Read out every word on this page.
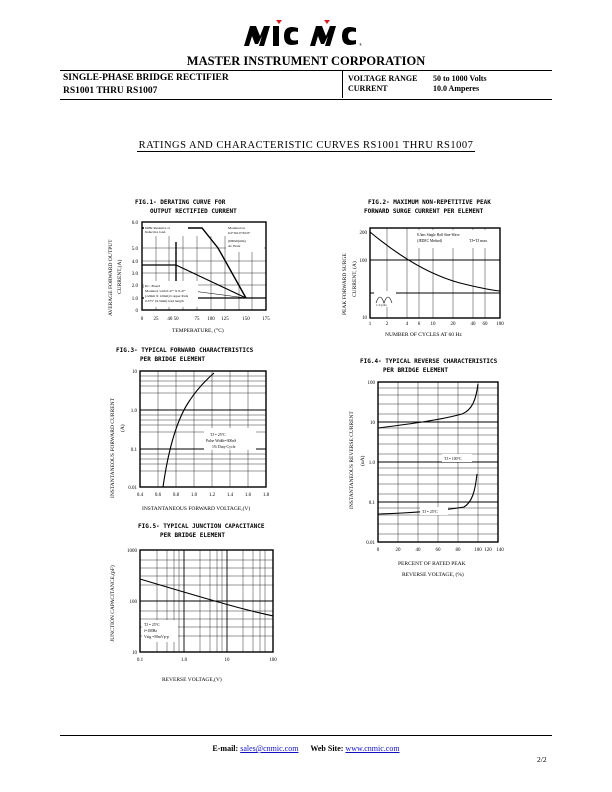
®
MASTER INSTRUMENT CORPORATION
SINGLE-PHASE BRIDGE RECTIFIER
RS1001 THRU RS1007
VOLTAGE RANGE 50 to 1000 Volts
CURRENT	10.0 Amperes
RATINGS AND CHARACTERISTIC CURVES RS1001 THRU RS1007
FIG.1- DERATING CURVE FOR
OUTPUT RECTIFIED CURRENT
0
1.0
2.0
3.0
4.0
5.0
6.0
0 25 40 50	75 100 125	150	175
TEMPERATURE, (°C)
AVERAGE FORWARD OUTPUT CURRENT,(A)
60Hz Resistive or
Inductive load.
Mounted on
6.0"X6.0"X0.8"
(600x6)mm)
Al. Plate
P.C. Board
Mounted, with 0.47" X 0.47"
(12mm X 12mm) Copper Pads
0.375" (9.5mm) lead length
FIG.2- MAXIMUM NON-REPETITIVE PEAK
FORWARD SURGE CURRENT PER ELEMENT
8.3ms Single Half Sine-Wave
(JEDEC Method)	TJ=TJ max
1 Cycle
10
100
200
1	2	4 6 10	20	40 60 100
NUMBER OF CYCLES AT 60 Hz
PEAK FORWARD SURGE CURRENT, (A)
FIG.3- TYPICAL FORWARD CHARACTERISTICS
PER BRIDGE ELEMENT
TJ = 25°C
Pulse Width=300uS
1% Duty Cycle
0.01
0.1
1.0
10
0.4 0.6 0.8 1.0 1.2 1.4 1.6 1.8
INSTANTANEOUS FORWARD VOLTAGE,(V)
INSTANTANEOUS FORWARD CURRENT (A)
FIG.4- TYPICAL REVERSE CHARACTERISTICS
PER BRIDGE ELEMENT
TJ = 100°C
TJ = 25°C
0.01
0.1
1.0
10
100
0	20	40	60	80	100 120 140
PERCENT OF RATED PEAK
REVERSE VOLTAGE, (%)
INSTANTANEOUS REVERSE CURRENT (uA)
FIG.5- TYPICAL JUNCTION CAPACITANCE
PER BRIDGE ELEMENT
TJ = 25°C
f=1MHz
Vsig =50mVp-p
10
100
1000
0.1	1.0	10	100
REVERSE VOLTAGE,(V)
JUNCTION CAPACITANCE,(pF)
E-mail: sales@cnmic.com Web Site: www.cnmic.com
2/2
